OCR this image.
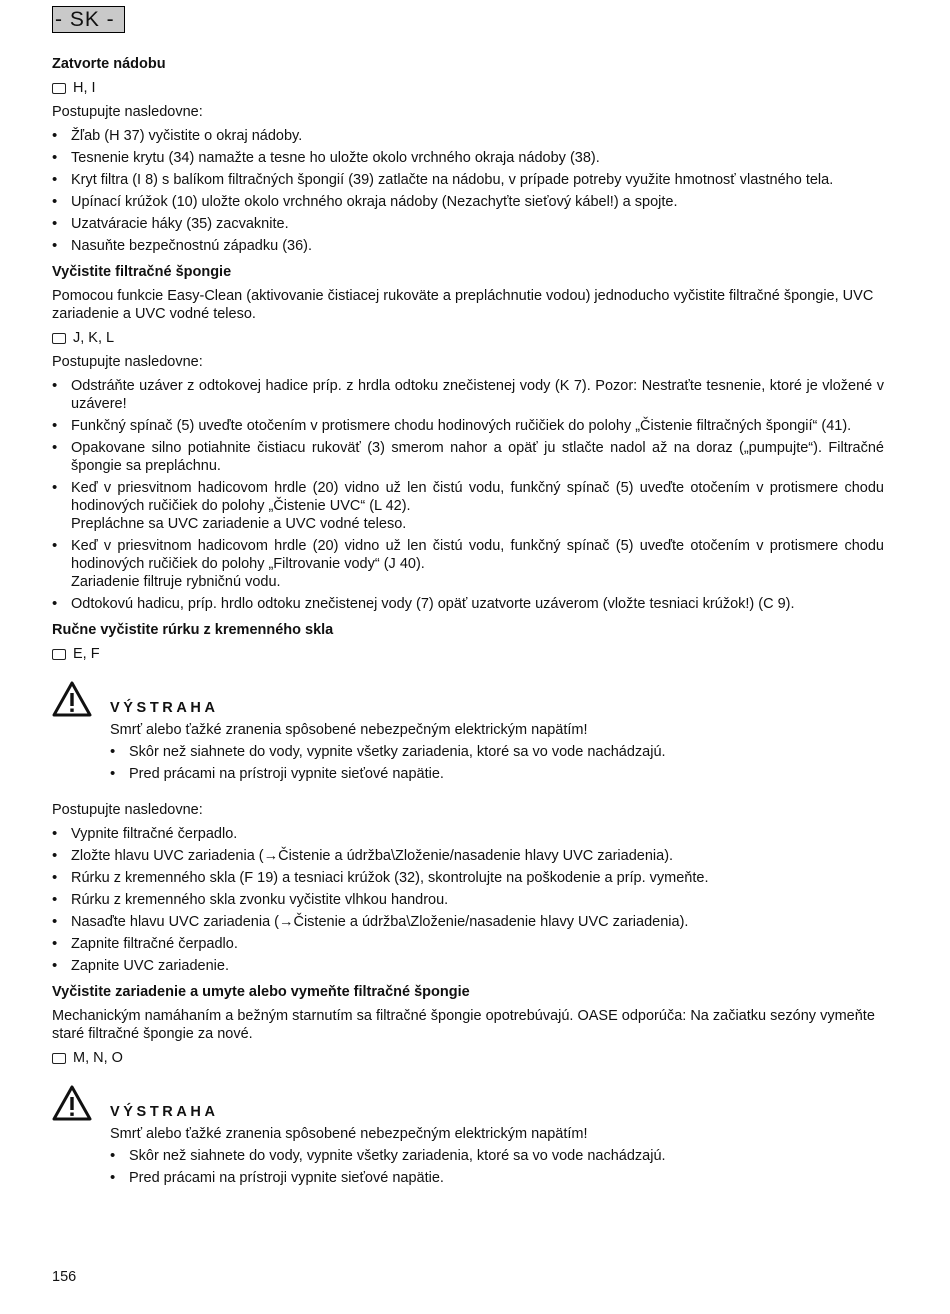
- SK -
Zatvorte nádobu
H, I

Postupujte nasledovne:

• Žľab (H 37) vyčistite o okraj nádoby.
• Tesnenie krytu (34) namažte a tesne ho uložte okolo vrchného okraja nádoby (38).
• Kryt filtra (I 8) s balíkom filtračných špongií (39) zatlačte na nádobu, v prípade potreby využite hmotnosť vlastného tela.
• Upínací krúžok (10) uložte okolo vrchného okraja nádoby (Nezachyťte sieťový kábel!) a spojte.
• Uzatváracie háky (35) zacvaknite.
• Nasuňte bezpečnostnú západku (36).
Vyčistite filtračné špongie

Pomocou funkcie Easy-Clean (aktivovanie čistiacej rukoväte a prepláchnutie vodou) jednoducho vyčistite filtračné špongie, UVC zariadenie a UVC vodné teleso.

J, K, L

Postupujte nasledovne:

• Odstráňte uzáver z odtokovej hadice príp. z hrdla odtoku znečistenej vody (K 7). Pozor: Nestraťte tesnenie, ktoré je vložené v uzávere!
• Funkčný spínač (5) uveďte otočením v protismere chodu hodinových ručičiek do polohy „Čistenie filtračných špongií“ (41).
• Opakovane silno potiahnite čistiacu rukoväť (3) smerom nahor a opäť ju stlačte nadol až na doraz („pumpujte“). Filtračné špongie sa prepláchnu.
• Keď v priesvitnom hadicovom hrdle (20) vidno už len čistú vodu, funkčný spínač (5) uveďte otočením v protismere chodu hodinových ručičiek do polohy „Čistenie UVC“ (L 42).
Prepláchne sa UVC zariadenie a UVC vodné teleso.
• Keď v priesvitnom hadicovom hrdle (20) vidno už len čistú vodu, funkčný spínač (5) uveďte otočením v protismere chodu hodinových ručičiek do polohy „Filtrovanie vody“ (J 40).
Zariadenie filtruje rybničnú vodu.
• Odtokovú hadicu, príp. hrdlo odtoku znečistenej vody (7) opäť uzatvorte uzáverom (vložte tesniaci krúžok!) (C 9).
Ručne vyčistite rúrku z kremenného skla
E, F
VÝSTRAHA

Smrť alebo ťažké zranenia spôsobené nebezpečným elektrickým napätím!

• Skôr než siahnete do vody, vypnite všetky zariadenia, ktoré sa vo vode nachádzajú.
• Pred prácami na prístroji vypnite sieťové napätie.

Postupujte nasledovne:

• Vypnite filtračné čerpadlo.
• Zložte hlavu UVC zariadenia (→Čistenie a údržba\Zloženie/nasadenie hlavy UVC zariadenia).
• Rúrku z kremenného skla (F 19) a tesniaci krúžok (32), skontrolujte na poškodenie a príp. vymeňte.
• Rúrku z kremenného skla zvonku vyčistite vlhkou handrou.
• Nasaďte hlavu UVC zariadenia (→Čistenie a údržba\Zloženie/nasadenie hlavy UVC zariadenia).
• Zapnite filtračné čerpadlo.
• Zapnite UVC zariadenie.
Vyčistite zariadenie a umyte alebo vymeňte filtračné špongie

Mechanickým namáhaním a bežným starnutím sa filtračné špongie opotrebúvajú. OASE odporúča: Na začiatku sezóny vymeňte staré filtračné špongie za nové.

M, N, O
VÝSTRAHA

Smrť alebo ťažké zranenia spôsobené nebezpečným elektrickým napätím!

• Skôr než siahnete do vody, vypnite všetky zariadenia, ktoré sa vo vode nachádzajú.
• Pred prácami na prístroji vypnite sieťové napätie.
156
